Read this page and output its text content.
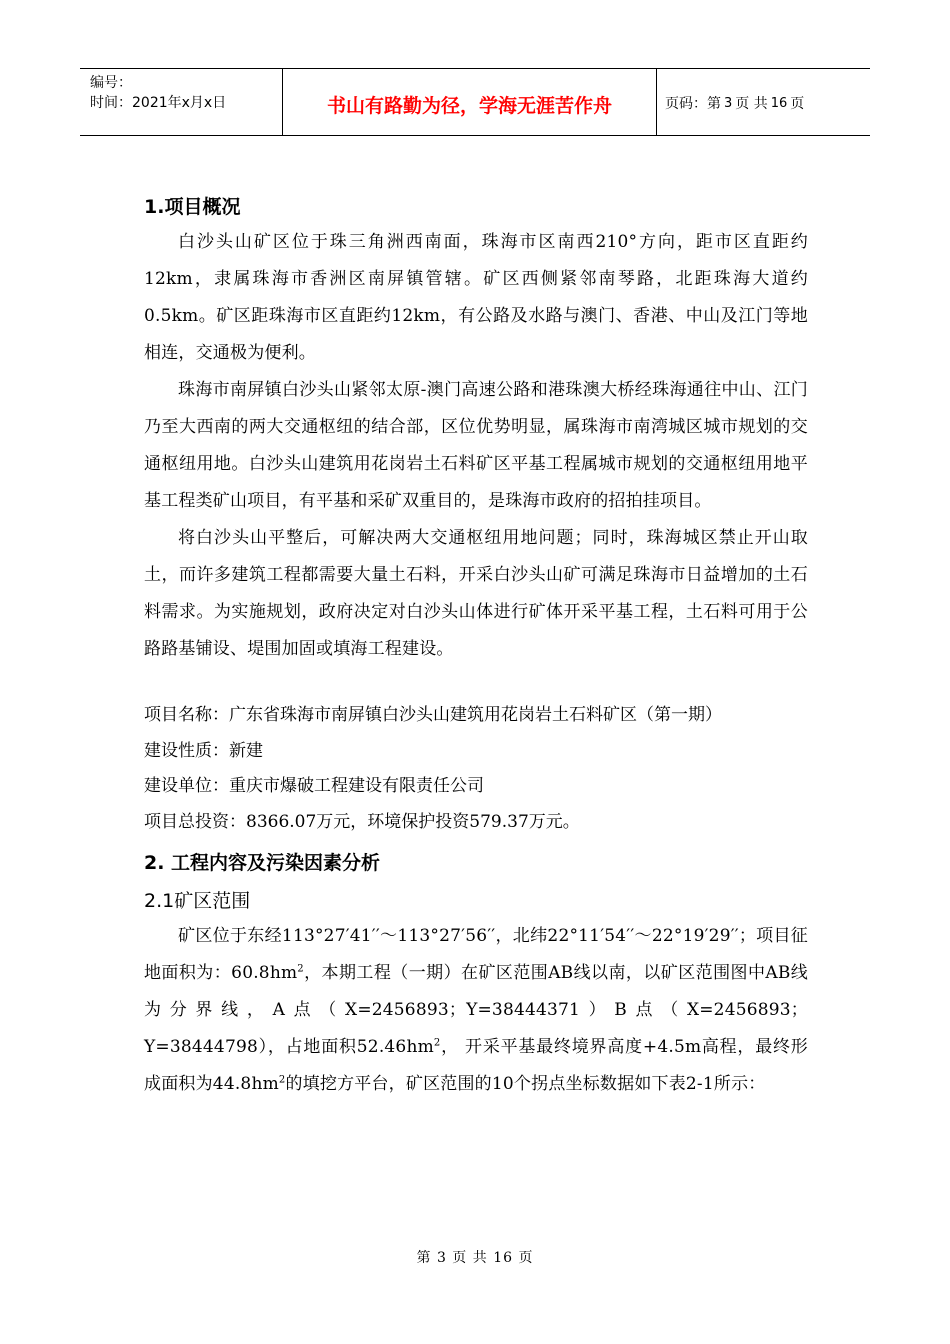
编号：
时间：2021年x月x日	书山有路勤为径，学海无涯苦作舟	页码：第 3 页 共 16 页
1.项目概况

白沙头山矿区位于珠三角洲西南面，珠海市区南西210°方向，距市区直距约12km，隶属珠海市香洲区南屏镇管辖。矿区西侧紧邻南琴路，北距珠海大道约0.5km。矿区距珠海市区直距约12km，有公路及水路与澳门、香港、中山及江门等地相连，交通极为便利。

珠海市南屏镇白沙头山紧邻太原-澳门高速公路和港珠澳大桥经珠海通往中山、江门乃至大西南的两大交通枢纽的结合部，区位优势明显，属珠海市南湾城区城市规划的交通枢纽用地。白沙头山建筑用花岗岩土石料矿区平基工程属城市规划的交通枢纽用地平基工程类矿山项目，有平基和采矿双重目的，是珠海市政府的招拍挂项目。

将白沙头山平整后，可解决两大交通枢纽用地问题；同时，珠海城区禁止开山取土，而许多建筑工程都需要大量土石料，开采白沙头山矿可满足珠海市日益增加的土石料需求。为实施规划，政府决定对白沙头山体进行矿体开采平基工程，土石料可用于公路路基铺设、堤围加固或填海工程建设。

项目名称：广东省珠海市南屏镇白沙头山建筑用花岗岩土石料矿区（第一期）

建设性质：新建

建设单位：重庆市爆破工程建设有限责任公司

项目总投资：8366.07万元，环境保护投资579.37万元。

2. 工程内容及污染因素分析
2.1矿区范围

矿区位于东经113°27′41′′～113°27′56′′，北纬22°11′54′′～22°19′29′′；项目征地面积为：$60.8hm^2$，本期工程（一期）在矿区范围AB线以南，以矿区范围图中AB线为分界线，A点（X=2456893；Y=38444371）B点（X=2456893；Y=38444798），占地面积$52.46hm^2$， 开采平基最终境界高度+4.5m高程，最终形成面积为$44.8hm^2$的填挖方平台，矿区范围的10个拐点坐标数据如下表2-1所示：

第 3 页 共 16 页
